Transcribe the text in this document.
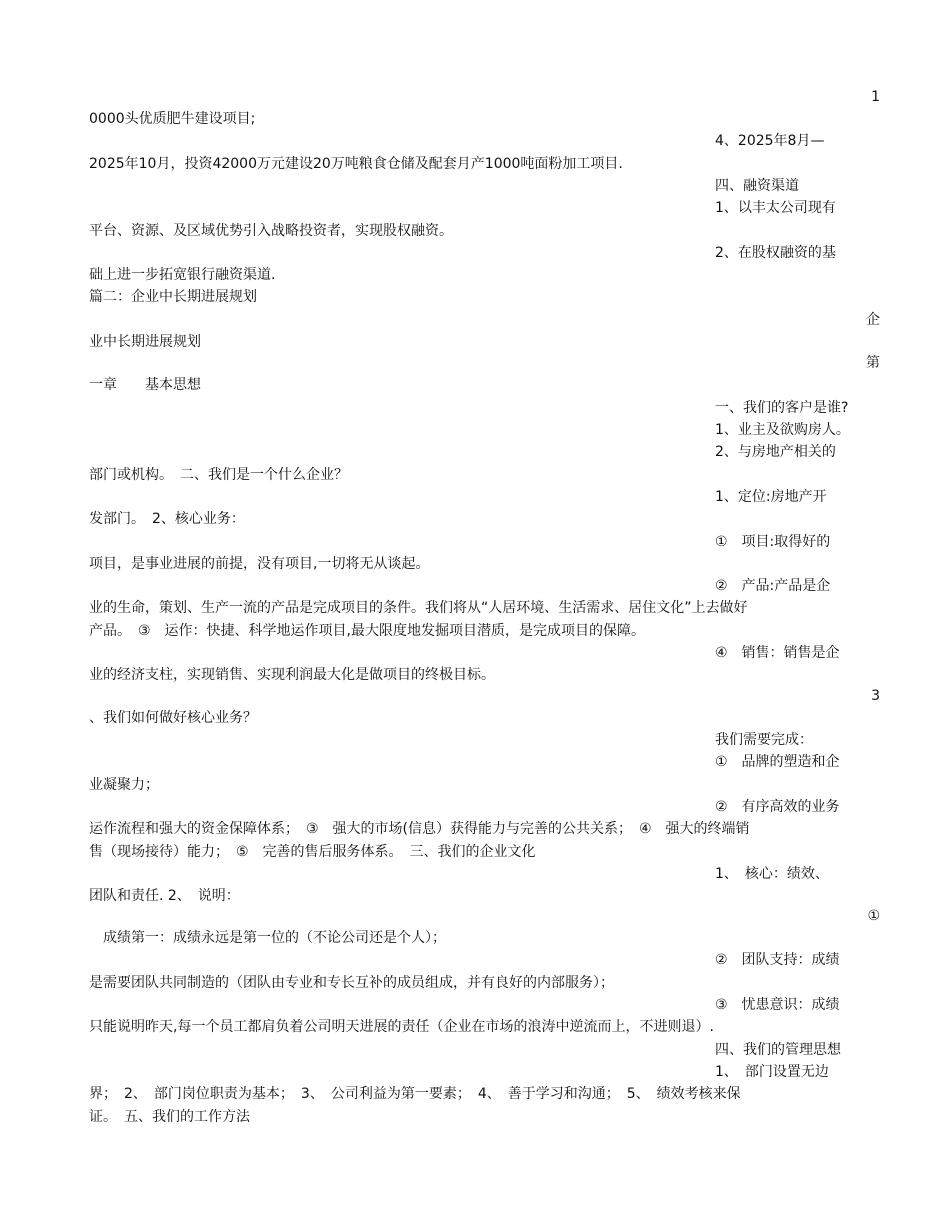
1
0000头优质肥牛建设项目;
4、2025年8月—
2025年10月，投资42000万元建设20万吨粮食仓储及配套月产1000吨面粉加工项目.
四、融资渠道
1、以丰太公司现有
平台、资源、及区域优势引入战略投资者，实现股权融资。
2、在股权融资的基
础上进一步拓宽银行融资渠道.
篇二：企业中长期进展规划
企
业中长期进展规划
第
一章　　基本思想
一、我们的客户是谁?
1、业主及欲购房人。
2、与房地产相关的
部门或机构。　二、我们是一个什么企业？
1、定位:房地产开
发部门。　2、核心业务：
①　项目:取得好的
项目，是事业进展的前提，没有项目,一切将无从谈起。
②　产品:产品是企
业的生命，策划、生产一流的产品是完成项目的条件。我们将从“人居环境、生活需求、居住文化”上去做好
产品。　③　运作：快捷、科学地运作项目,最大限度地发掘项目潜质，是完成项目的保障。
④　销售：销售是企
业的经济支柱，实现销售、实现利润最大化是做项目的终极目标。
3
、我们如何做好核心业务？
我们需要完成：
①　品牌的塑造和企
业凝聚力；
②　有序高效的业务
运作流程和强大的资金保障体系；　③　强大的市场(信息）获得能力与完善的公共关系；　④　强大的终端销
售（现场接待）能力；　⑤　完善的售后服务体系。　三、我们的企业文化
1、　核心：绩效、
团队和责任. 2、　说明：
①
　成绩第一：成绩永远是第一位的（不论公司还是个人）；
②　团队支持：成绩
是需要团队共同制造的（团队由专业和专长互补的成员组成，并有良好的内部服务）；
③　忧患意识：成绩
只能说明昨天,每一个员工都肩负着公司明天进展的责任（企业在市场的浪涛中逆流而上，不进则退）.
四、我们的管理思想
1、　部门设置无边
界；　2、　部门岗位职责为基本；　3、　公司利益为第一要素；　4、　善于学习和沟通；　5、　绩效考核来保
证。　五、我们的工作方法
